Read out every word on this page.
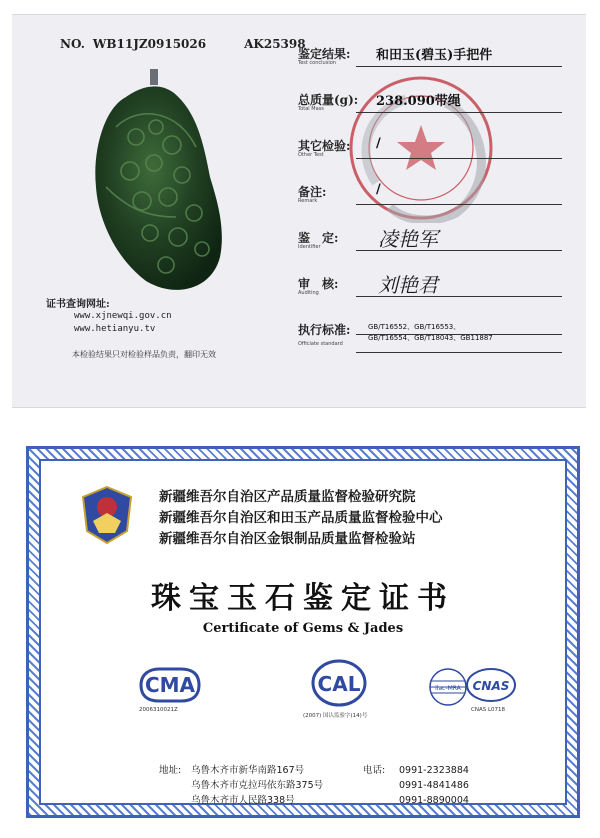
NO. WB11JZ0915026	AK25398
证书查询网址:
www.xjnewqi.gov.cn
www.hetianyu.tv
本检验结果只对检验样品负责，翻印无效
鉴定结果:
Test conclusion	和田玉(碧玉)手把件
总质量(g):
Total Mass	238.090带绳
其它检验:
Other Test
/
备注:
Remark
/
鉴　定:
Identifier	凌艳军
审　核:
Auditing	刘艳君
执行标准:
Officiate standard
GB/T16552、GB/T16553、
GB/T16554、GB/T18043、GB11887
新疆维吾尔自治区产品质量监督检验研究院
新疆维吾尔自治区和田玉产品质量监督检验中心
新疆维吾尔自治区金银制品质量监督检验站
珠宝玉石鉴定证书
Certificate of Gems & Jades
CMA
2006310021Z
CAL
(2007) 国认监验字(14)号
ilac-MRA CNAS
CNAS L0718
地址:	乌鲁木齐市新华南路167号	电话:	0991-2323884
乌鲁木齐市克拉玛依东路375号	0991-4841486
乌鲁木齐市人民路338号	0991-8890004
